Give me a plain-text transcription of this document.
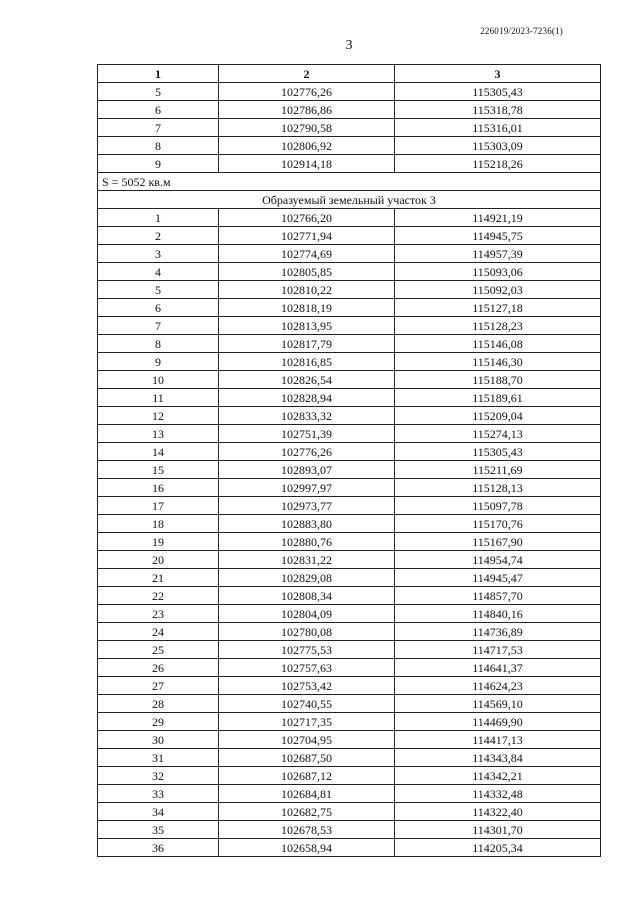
226019/2023-7236(1)
3
1	2	3
5	102776,26	115305,43
6	102786,86	115318,78
7	102790,58	115316,01
8	102806,92	115303,09
9	102914,18	115218,26
S = 5052 кв.м		
Образуемый земельный участок 3		
1	102766,20	114921,19
2	102771,94	114945,75
3	102774,69	114957,39
4	102805,85	115093,06
5	102810,22	115092,03
6	102818,19	115127,18
7	102813,95	115128,23
8	102817,79	115146,08
9	102816,85	115146,30
10	102826,54	115188,70
11	102828,94	115189,61
12	102833,32	115209,04
13	102751,39	115274,13
14	102776,26	115305,43
15	102893,07	115211,69
16	102997,97	115128,13
17	102973,77	115097,78
18	102883,80	115170,76
19	102880,76	115167,90
20	102831,22	114954,74
21	102829,08	114945,47
22	102808,34	114857,70
23	102804,09	114840,16
24	102780,08	114736,89
25	102775,53	114717,53
26	102757,63	114641,37
27	102753,42	114624,23
28	102740,55	114569,10
29	102717,35	114469,90
30	102704,95	114417,13
31	102687,50	114343,84
32	102687,12	114342,21
33	102684,81	114332,48
34	102682,75	114322,40
35	102678,53	114301,70
36	102658,94	114205,34
